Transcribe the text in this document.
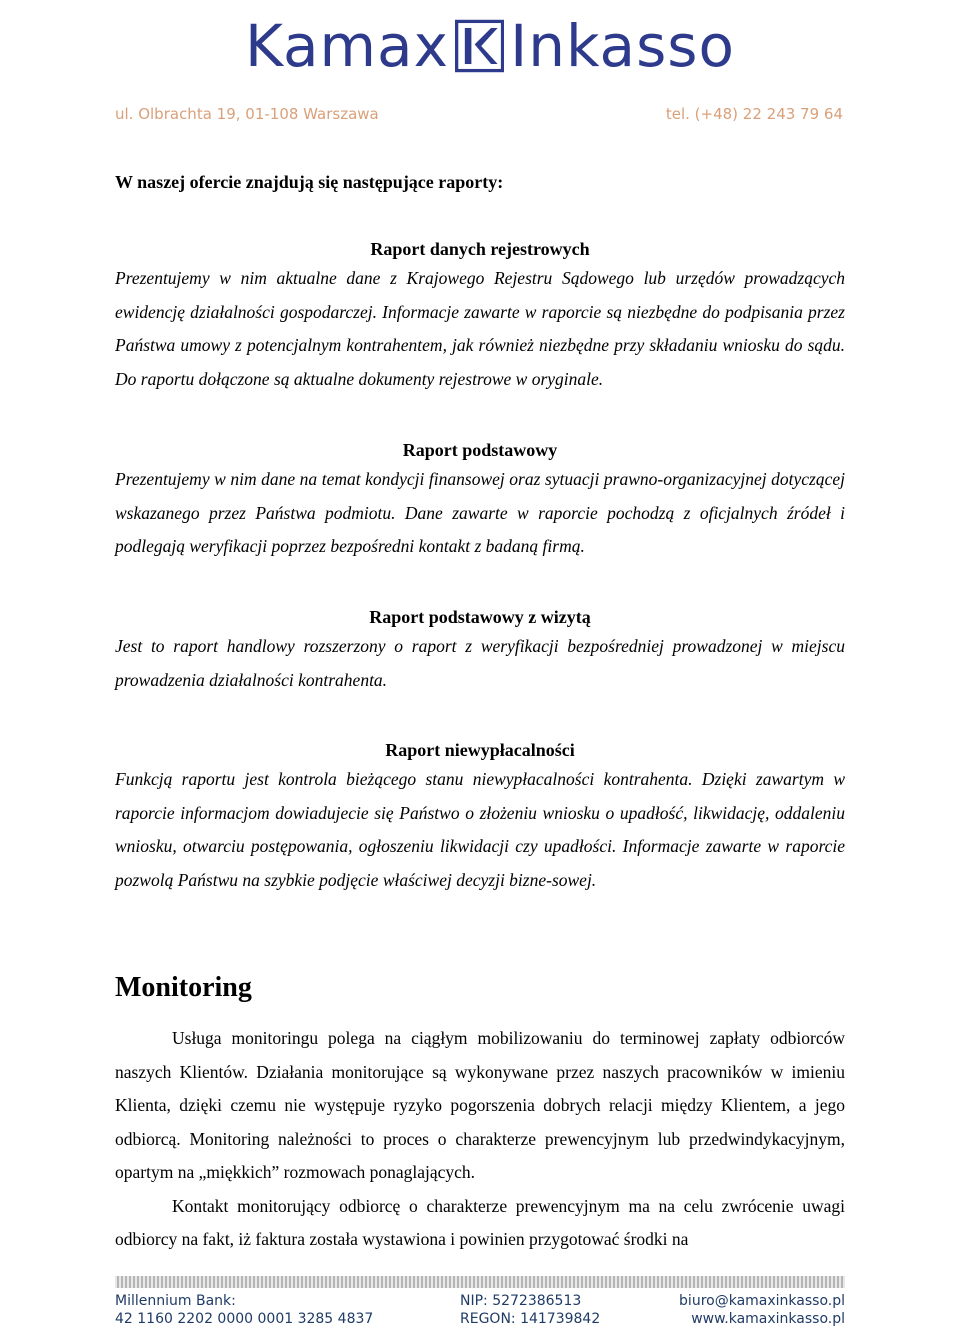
Kamax Inkasso
ul. Olbrachta 19, 01-108 Warszawa	tel. (+48) 22 243 79 64
W naszej ofercie znajdują się następujące raporty:
Raport danych rejestrowych

Prezentujemy w nim aktualne dane z Krajowego Rejestru Sądowego lub urzędów prowadzących ewidencję działalności gospodarczej. Informacje zawarte w raporcie są niezbędne do podpisania przez Państwa umowy z potencjalnym kontrahentem, jak również niezbędne przy składaniu wniosku do sądu. Do raportu dołączone są aktualne dokumenty rejestrowe w oryginale.

Raport podstawowy

Prezentujemy w nim dane na temat kondycji finansowej oraz sytuacji prawno-organizacyjnej dotyczącej wskazanego przez Państwa podmiotu. Dane zawarte w raporcie pochodzą z oficjalnych źródeł i podlegają weryfikacji poprzez bezpośredni kontakt z badaną firmą.

Raport podstawowy z wizytą

Jest to raport handlowy rozszerzony o raport z weryfikacji bezpośredniej prowadzonej w miejscu prowadzenia działalności kontrahenta.

Raport niewypłacalności

Funkcją raportu jest kontrola bieżącego stanu niewypłacalności kontrahenta. Dzięki zawartym w raporcie informacjom dowiadujecie się Państwo o złożeniu wniosku o upadłość, likwidację, oddaleniu wniosku, otwarciu postępowania, ogłoszeniu likwidacji czy upadłości. Informacje zawarte w raporcie pozwolą Państwu na szybkie podjęcie właściwej decyzji bizne-sowej.

Monitoring

Usługa monitoringu polega na ciągłym mobilizowaniu do terminowej zapłaty odbiorców naszych Klientów. Działania monitorujące są wykonywane przez naszych pracowników w imieniu Klienta, dzięki czemu nie występuje ryzyko pogorszenia dobrych relacji między Klientem, a jego odbiorcą. Monitoring należności to proces o charakterze prewencyjnym lub przedwindykacyjnym, opartym na „miękkich” rozmowach ponaglających.

Kontakt monitorujący odbiorcę o charakterze prewencyjnym ma na celu zwrócenie uwagi odbiorcy na fakt, iż faktura została wystawiona i powinien przygotować środki na

Millennium Bank:
42 1160 2202 0000 0001 3285 4837
NIP: 5272386513
REGON: 141739842
biuro@kamaxinkasso.pl
www.kamaxinkasso.pl
